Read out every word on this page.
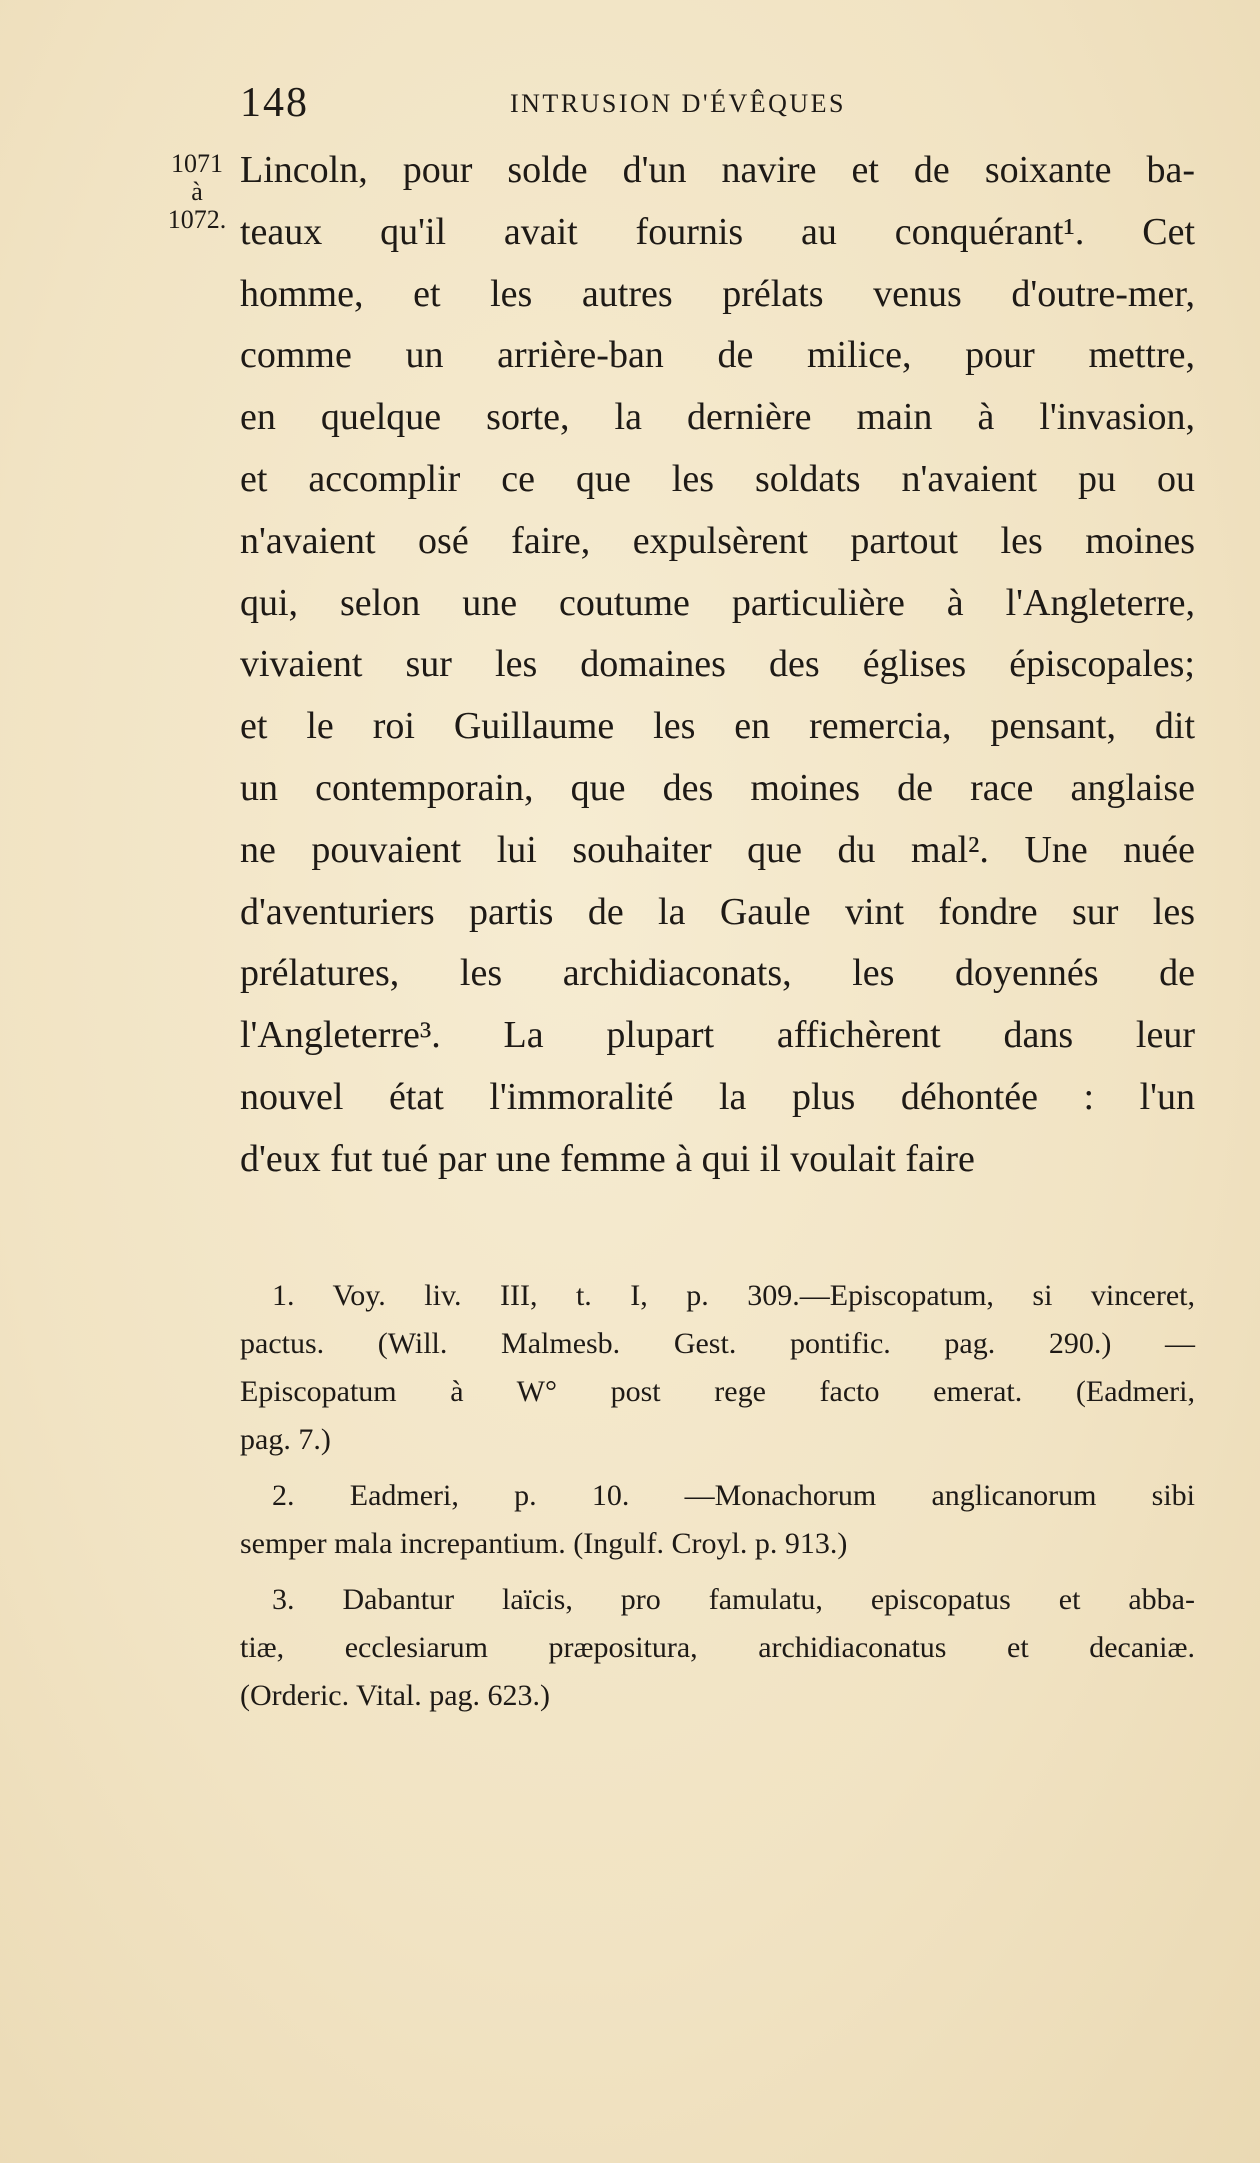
148	INTRUSION D'ÉVÊQUES
1071
à
1072.
Lincoln, pour solde d'un navire et de soixante ba-
teaux qu'il avait fournis au conquérant¹. Cet
homme, et les autres prélats venus d'outre-mer,
comme un arrière-ban de milice, pour mettre,
en quelque sorte, la dernière main à l'invasion,
et accomplir ce que les soldats n'avaient pu ou
n'avaient osé faire, expulsèrent partout les moines
qui, selon une coutume particulière à l'Angleterre,
vivaient sur les domaines des églises épiscopales;
et le roi Guillaume les en remercia, pensant, dit
un contemporain, que des moines de race anglaise
ne pouvaient lui souhaiter que du mal². Une nuée
d'aventuriers partis de la Gaule vint fondre sur les
prélatures, les archidiaconats, les doyennés de
l'Angleterre³. La plupart affichèrent dans leur
nouvel état l'immoralité la plus déhontée : l'un
d'eux fut tué par une femme à qui il voulait faire
1. Voy. liv. III, t. I, p. 309.—Episcopatum, si vinceret,
pactus. (Will. Malmesb. Gest. pontific. pag. 290.) —
Episcopatum à W° post rege facto emerat. (Eadmeri,
pag. 7.)
2. Eadmeri, p. 10. —Monachorum anglicanorum sibi
semper mala increpantium. (Ingulf. Croyl. p. 913.)
3. Dabantur laïcis, pro famulatu, episcopatus et abba-
tiæ, ecclesiarum præpositura, archidiaconatus et decaniæ.
(Orderic. Vital. pag. 623.)
